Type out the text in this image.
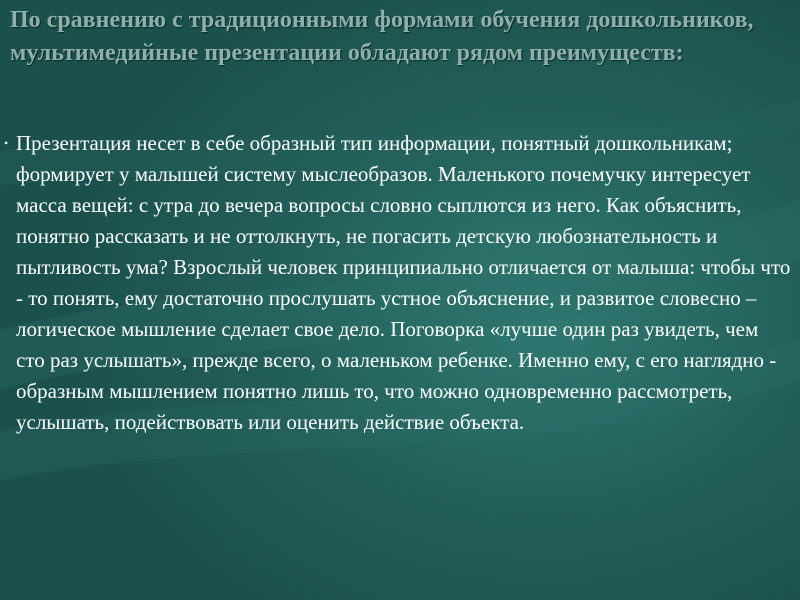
По сравнению с традиционными формами обучения дошкольников, мультимедийные презентации обладают рядом преимуществ:
• Презентация несет в себе образный тип информации, понятный дошкольникам; формирует у малышей систему мыслеобразов. Маленького почемучку интересует масса вещей: с утра до вечера вопросы словно сыплются из него. Как объяснить, понятно рассказать и не оттолкнуть, не погасить детскую любознательность и пытливость ума? Взрослый человек принципиально отличается от малыша: чтобы что - то понять, ему достаточно прослушать устное объяснение, и развитое словесно – логическое мышление сделает свое дело. Поговорка «лучше один раз увидеть, чем сто раз услышать», прежде всего, о маленьком ребенке. Именно ему, с его наглядно - образным мышлением понятно лишь то, что можно одновременно рассмотреть, услышать, подействовать или оценить действие объекта.
